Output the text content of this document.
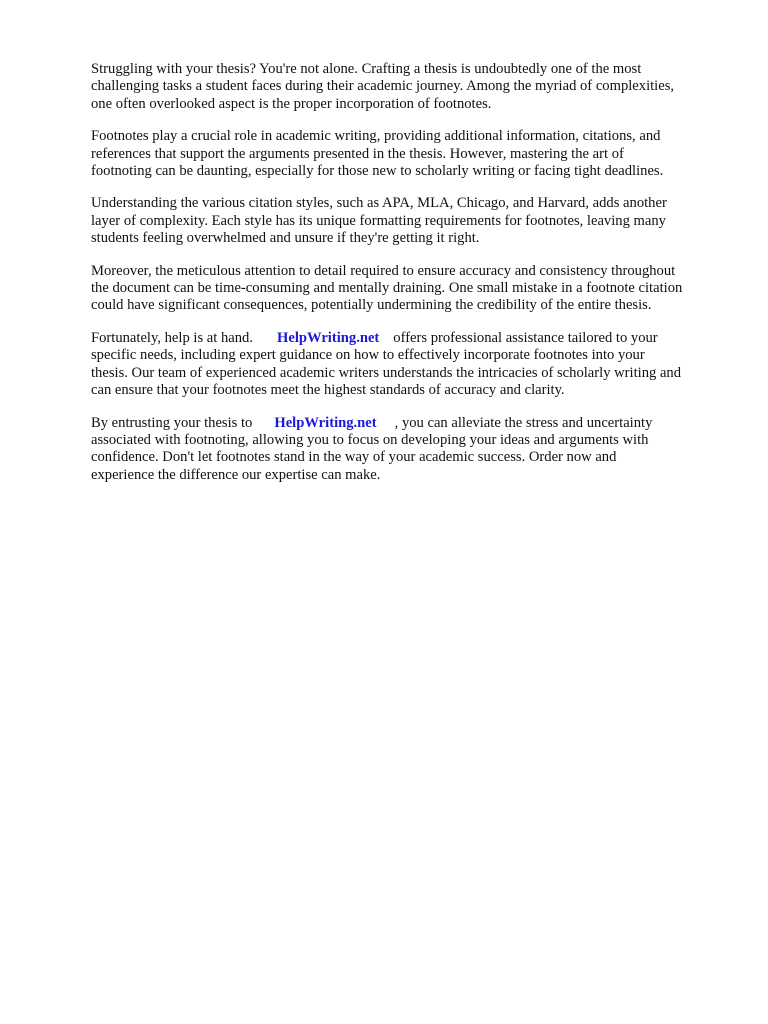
Struggling with your thesis? You're not alone. Crafting a thesis is undoubtedly one of the most
challenging tasks a student faces during their academic journey. Among the myriad of complexities,
one often overlooked aspect is the proper incorporation of footnotes.

Footnotes play a crucial role in academic writing, providing additional information, citations, and
references that support the arguments presented in the thesis. However, mastering the art of
footnoting can be daunting, especially for those new to scholarly writing or facing tight deadlines.

Understanding the various citation styles, such as APA, MLA, Chicago, and Harvard, adds another
layer of complexity. Each style has its unique formatting requirements for footnotes, leaving many
students feeling overwhelmed and unsure if they're getting it right.

Moreover, the meticulous attention to detail required to ensure accuracy and consistency throughout
the document can be time-consuming and mentally draining. One small mistake in a footnote citation
could have significant consequences, potentially undermining the credibility of the entire thesis.

Fortunately, help is at hand. HelpWriting.net offers professional assistance tailored to your
specific needs, including expert guidance on how to effectively incorporate footnotes into your
thesis. Our team of experienced academic writers understands the intricacies of scholarly writing and
can ensure that your footnotes meet the highest standards of accuracy and clarity.

By entrusting your thesis to HelpWriting.net , you can alleviate the stress and uncertainty
associated with footnoting, allowing you to focus on developing your ideas and arguments with
confidence. Don't let footnotes stand in the way of your academic success. Order now and
experience the difference our expertise can make.
